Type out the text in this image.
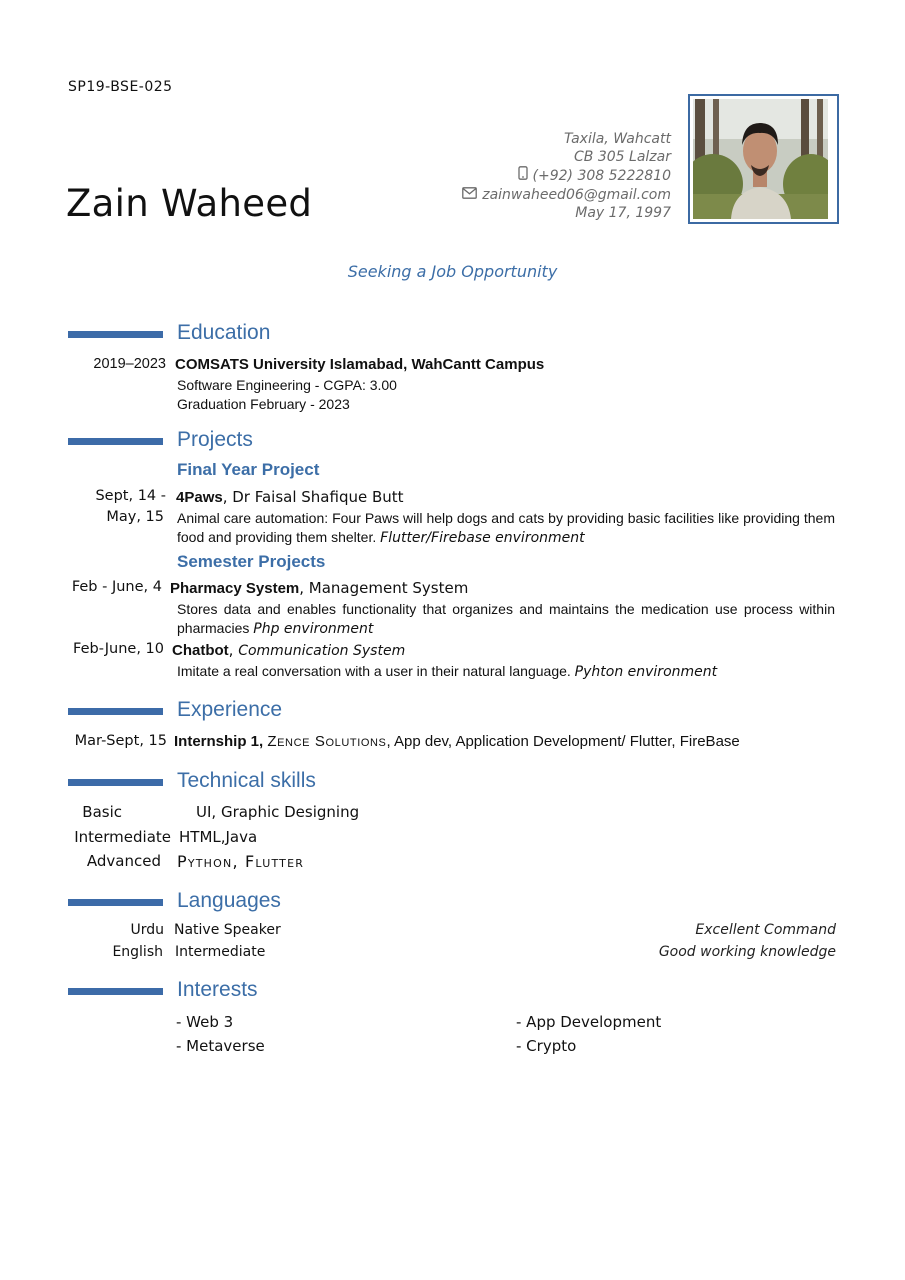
SP19-BSE-025
Zain Waheed
Taxila, Wahcatt
CB 305 Lalzar
(+92) 308 5222810
zainwaheed06@gmail.com
May 17, 1997
Seeking a Job Opportunity
Education
2019–2023 COMSATS University Islamabad, WahCantt Campus
Software Engineering - CGPA: 3.00
Graduation February - 2023
Projects
Final Year Project
Sept, 14 -
May, 15
4Paws, Dr Faisal Shafique Butt
Animal care automation: Four Paws will help dogs and cats by providing basic facilities like providing them food and providing them shelter. Flutter/Firebase environment
Semester Projects
Feb - June, 4 Pharmacy System, Management System
Stores data and enables functionality that organizes and maintains the medication use process within pharmacies Php environment
Feb-June, 10 Chatbot, Communication System
Imitate a real conversation with a user in their natural language. Pyhton environment
Experience
Mar-Sept, 15 Internship 1, Zence Solutions, App dev, Application Development/ Flutter, FireBase
Technical skills
Basic	UI, Graphic Designing
Intermediate HTML,Java
Advanced Python, Flutter
Languages
Urdu Native Speaker	Excellent Command
English Intermediate	Good working knowledge
Interests
- Web 3	- App Development
- Metaverse	- Crypto
